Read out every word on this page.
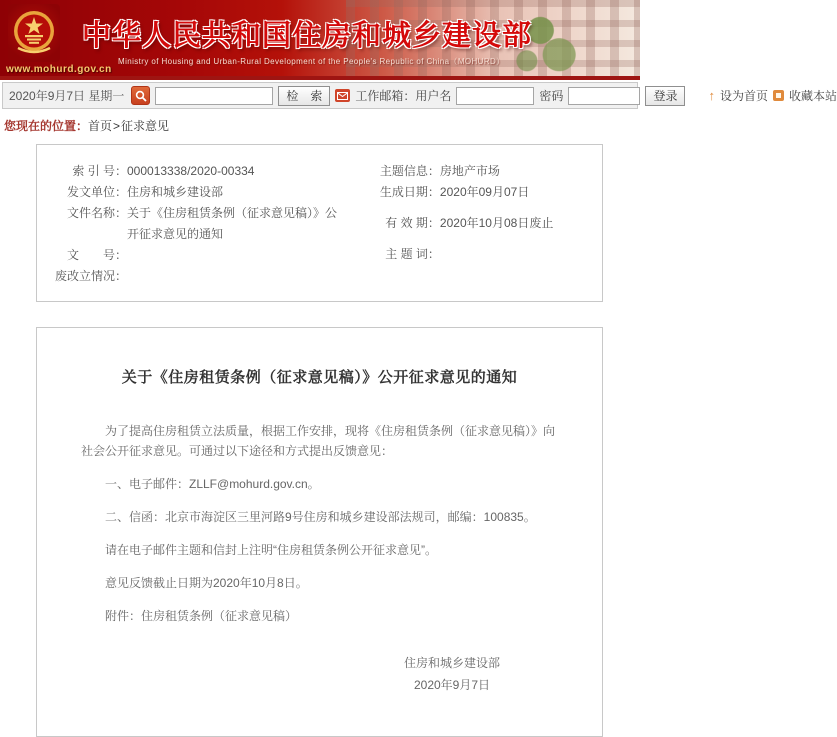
www.mohurd.gov.cn
中华人民共和国住房和城乡建设部
Ministry of Housing and Urban-Rural Development of the People's Republic of China（MOHURD）
2020年9月7日 星期一	检　索	工作邮箱：用户名	密码	登录	↑ 设为首页 收藏本站
您现在的位置：首页>征求意见
索 引 号： 000013338/2020-00334
发文单位： 住房和城乡建设部
文件名称： 关于《住房租赁条例（征求意见稿）》公开征求意见的通知
文　　号：
废改立情况：
主题信息： 房地产市场
生成日期： 2020年09月07日
有 效 期： 2020年10月08日废止
主 题 词：
关于《住房租赁条例（征求意见稿）》公开征求意见的通知

为了提高住房租赁立法质量，根据工作安排，现将《住房租赁条例（征求意见稿）》向社会公开征求意见。可通过以下途径和方式提出反馈意见：

一、电子邮件：ZLLF@mohurd.gov.cn。

二、信函：北京市海淀区三里河路9号住房和城乡建设部法规司，邮编：100835。

请在电子邮件主题和信封上注明“住房租赁条例公开征求意见”。

意见反馈截止日期为2020年10月8日。

附件：住房租赁条例（征求意见稿）

住房和城乡建设部
2020年9月7日
